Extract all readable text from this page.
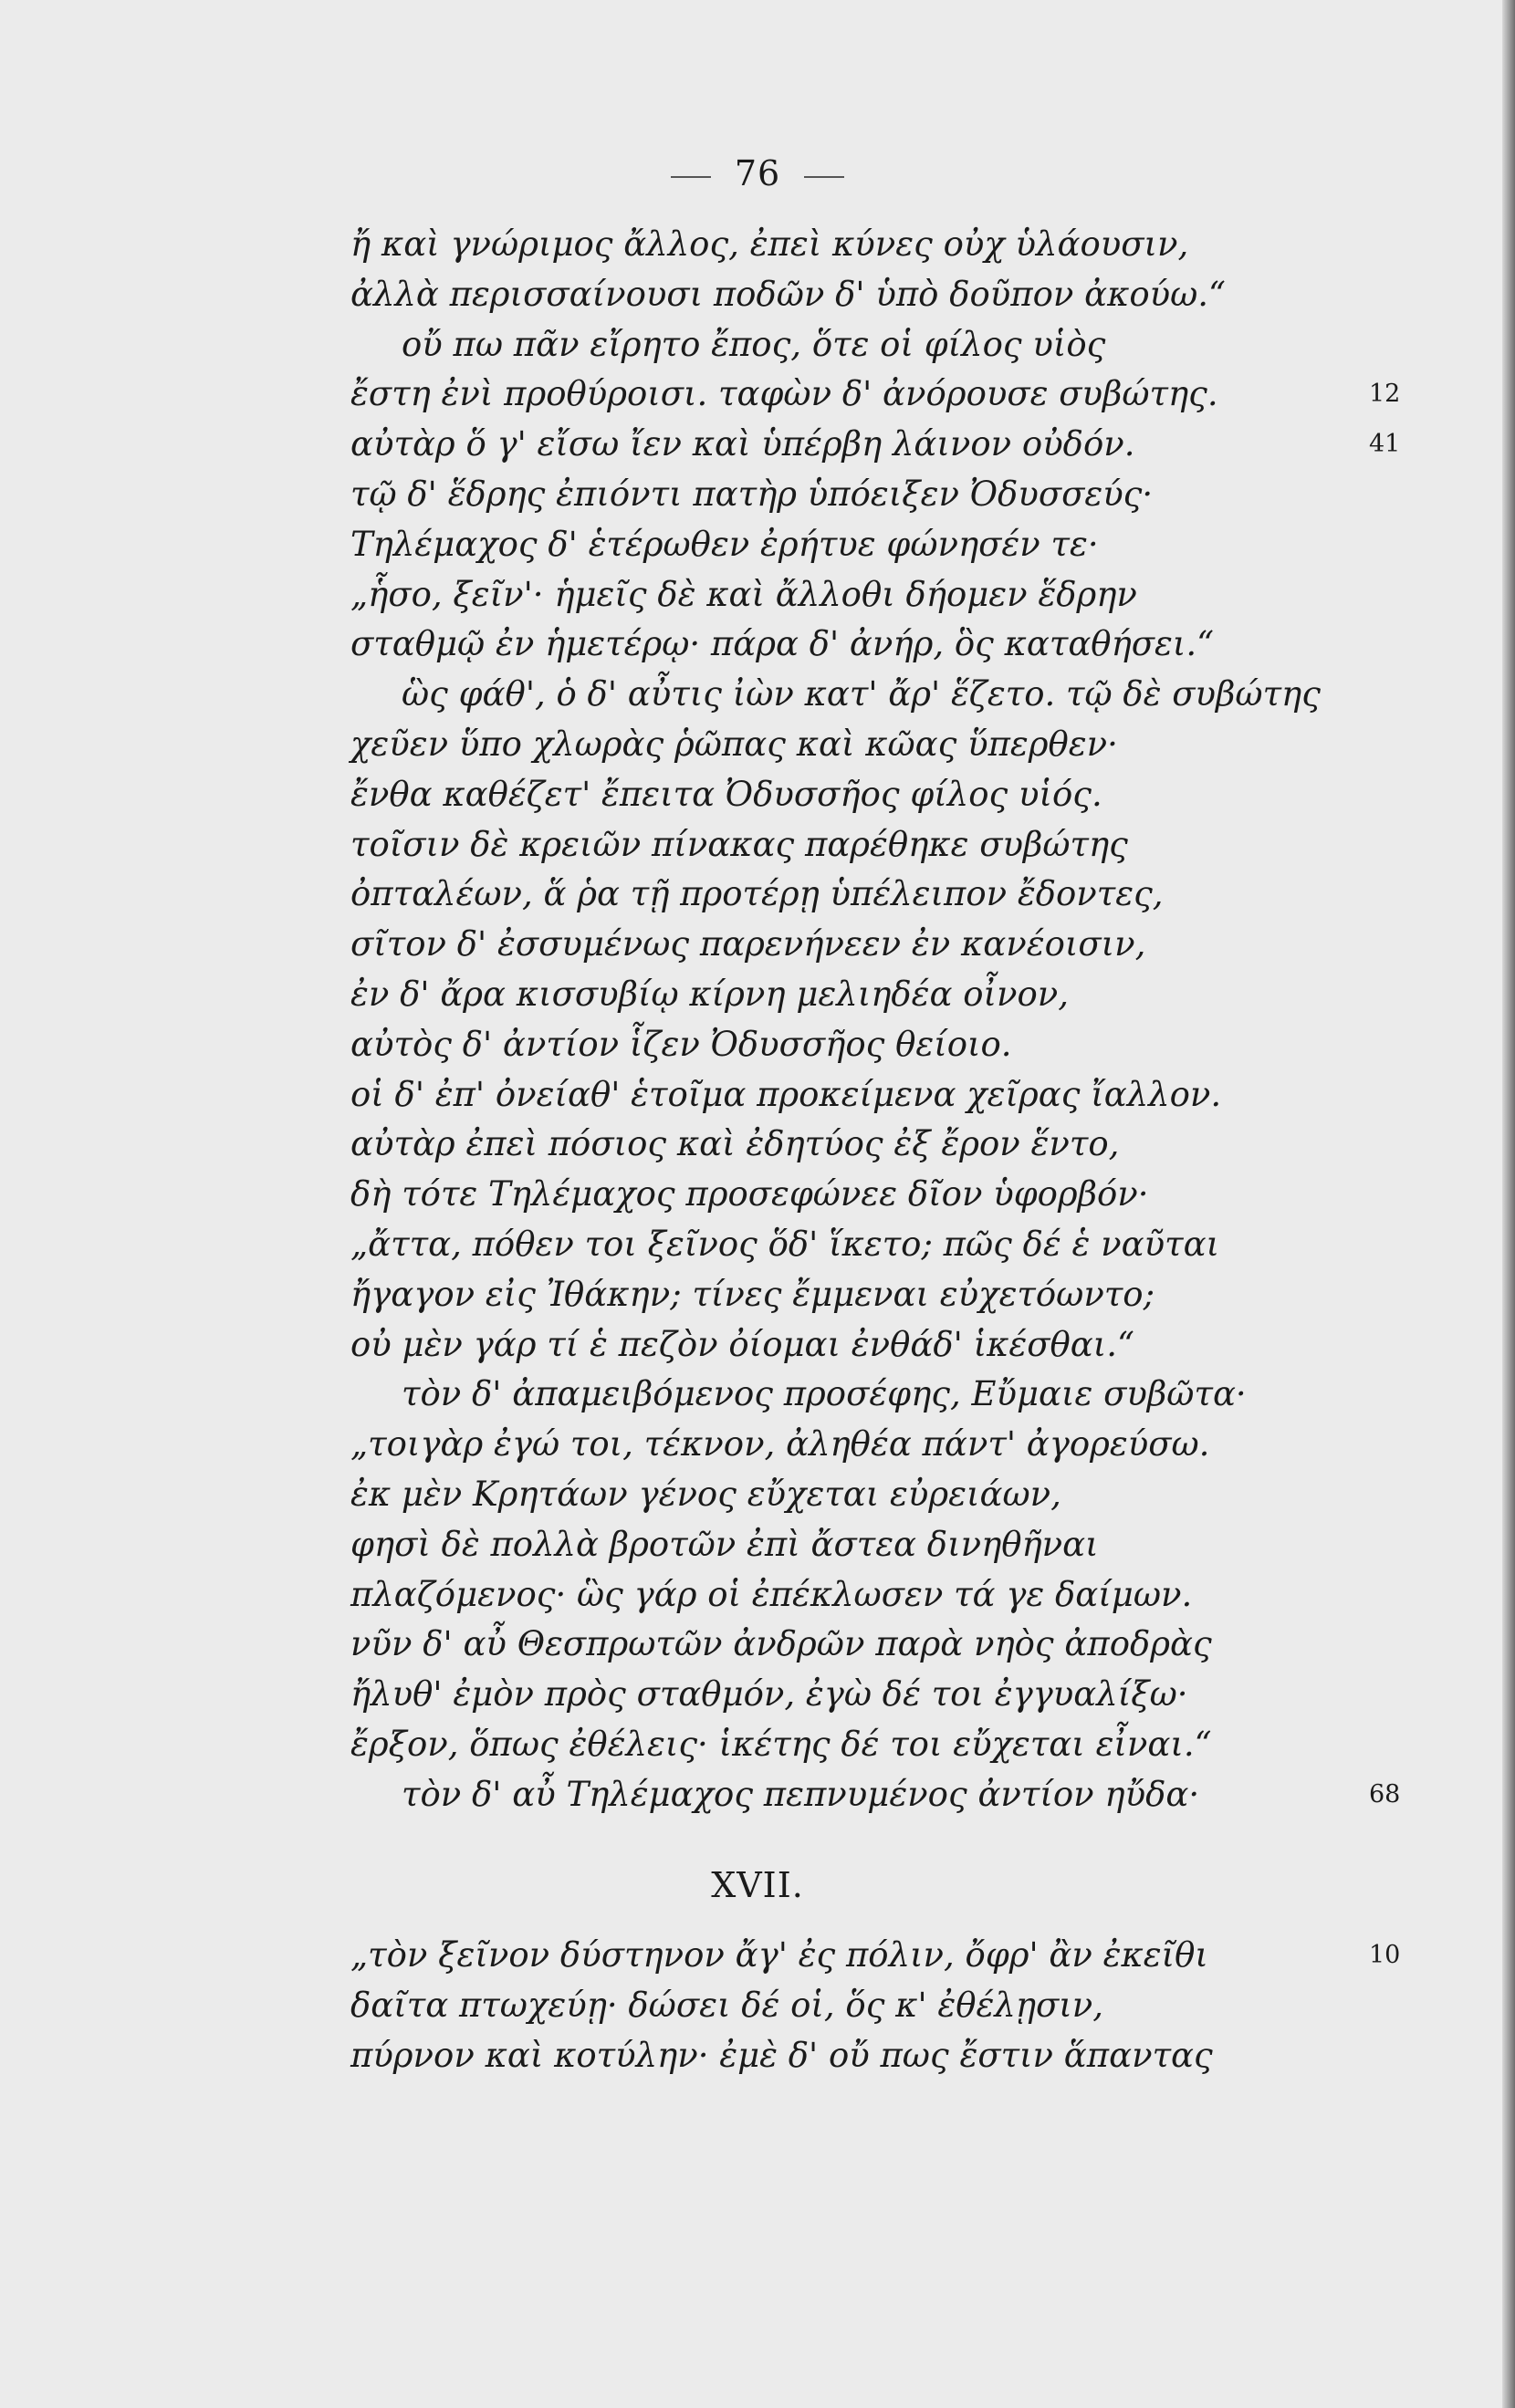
76
ἤ καὶ γνώριμος ἄλλος, ἐπεὶ κύνες οὐχ ὑλάουσιν,
ἀλλὰ περισσαίνουσι ποδῶν δ' ὑπὸ δοῦπον ἀκούω.“
οὔ πω πᾶν εἴρητο ἔπος, ὅτε οἱ φίλος υἱὸς
ἔστη ἐνὶ προθύροισι. ταφὼν δ' ἀνόρουσε συβώτης.	12
αὐτὰρ ὅ γ' εἴσω ἴεν καὶ ὑπέρβη λάινον οὐδόν.	41
τῷ δ' ἕδρης ἐπιόντι πατὴρ ὑπόειξεν Ὀδυσσεύς·
Τηλέμαχος δ' ἑτέρωθεν ἐρήτυε φώνησέν τε·
„ἧσο, ξεῖν'· ἡμεῖς δὲ καὶ ἄλλοθι δήομεν ἕδρην
σταθμῷ ἐν ἡμετέρῳ· πάρα δ' ἀνήρ, ὃς καταθήσει.“
ὣς φάθ', ὁ δ' αὖτις ἰὼν κατ' ἄρ' ἕζετο. τῷ δὲ συβώτης
χεῦεν ὕπο χλωρὰς ῥῶπας καὶ κῶας ὕπερθεν·
ἔνθα καθέζετ' ἔπειτα Ὀδυσσῆος φίλος υἱός.
τοῖσιν δὲ κρειῶν πίνακας παρέθηκε συβώτης
ὀπταλέων, ἅ ῥα τῇ προτέρῃ ὑπέλειπον ἔδοντες,
σῖτον δ' ἐσσυμένως παρενήνεεν ἐν κανέοισιν,
ἐν δ' ἄρα κισσυβίῳ κίρνη μελιηδέα οἶνον,
αὐτὸς δ' ἀντίον ἷζεν Ὀδυσσῆος θείοιο.
οἱ δ' ἐπ' ὀνείαθ' ἑτοῖμα προκείμενα χεῖρας ἴαλλον.
αὐτὰρ ἐπεὶ πόσιος καὶ ἐδητύος ἐξ ἔρον ἕντο,
δὴ τότε Τηλέμαχος προσεφώνεε δῖον ὑφορβόν·
„ἄττα, πόθεν τοι ξεῖνος ὅδ' ἵκετο; πῶς δέ ἑ ναῦται
ἤγαγον εἰς Ἰθάκην; τίνες ἔμμεναι εὐχετόωντο;
οὐ μὲν γάρ τί ἑ πεζὸν ὀίομαι ἐνθάδ' ἱκέσθαι.“
τὸν δ' ἀπαμειβόμενος προσέφης, Εὔμαιε συβῶτα·
„τοιγὰρ ἐγώ τοι, τέκνον, ἀληθέα πάντ' ἀγορεύσω.
ἐκ μὲν Κρητάων γένος εὔχεται εὐρειάων,
φησὶ δὲ πολλὰ βροτῶν ἐπὶ ἄστεα δινηθῆναι
πλαζόμενος· ὣς γάρ οἱ ἐπέκλωσεν τά γε δαίμων.
νῦν δ' αὖ Θεσπρωτῶν ἀνδρῶν παρὰ νηὸς ἀποδρὰς
ἤλυθ' ἐμὸν πρὸς σταθμόν, ἐγὼ δέ τοι ἐγγυαλίξω·
ἔρξον, ὅπως ἐθέλεις· ἱκέτης δέ τοι εὔχεται εἶναι.“
τὸν δ' αὖ Τηλέμαχος πεπνυμένος ἀντίον ηὔδα·	68
XVII.
„τὸν ξεῖνον δύστηνον ἄγ' ἐς πόλιν, ὄφρ' ἂν ἐκεῖθι	10
δαῖτα πτωχεύῃ· δώσει δέ οἱ, ὅς κ' ἐθέλῃσιν,
πύρνον καὶ κοτύλην· ἐμὲ δ' οὔ πως ἔστιν ἅπαντας
